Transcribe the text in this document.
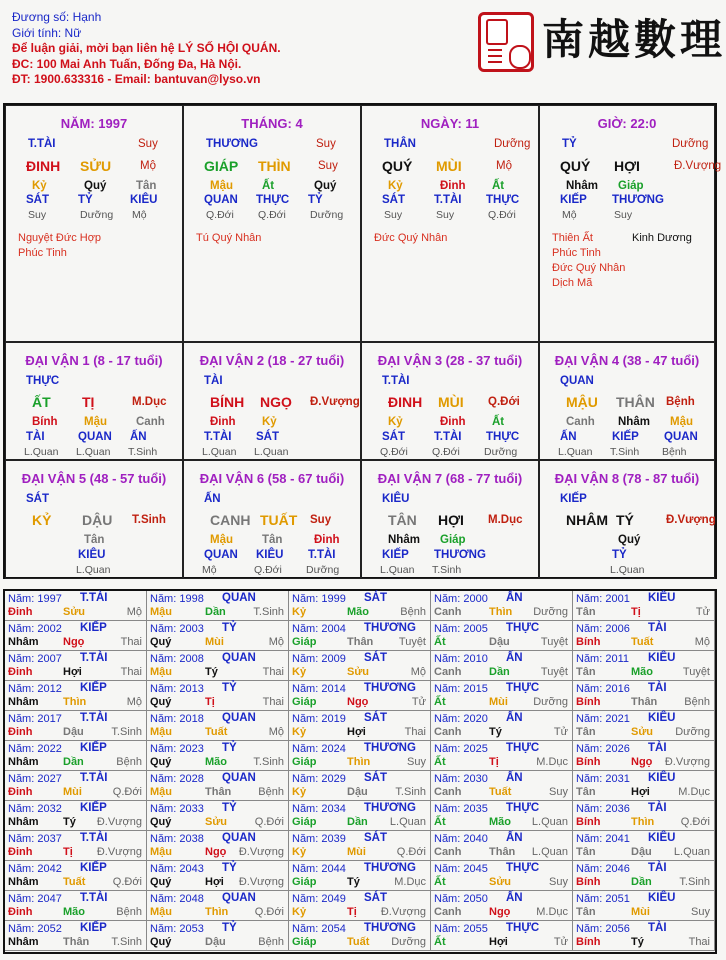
Đương số: Hạnh
Giới tính: Nữ
Để luận giải, mời bạn liên hệ LÝ SỐ HỘI QUÁN.
ĐC: 100 Mai Anh Tuấn, Đống Đa, Hà Nội.
ĐT: 1900.633316 - Email: bantuvan@lyso.vn
南越數理
NĂM: 1997
T.TÀI	Suy
ĐINH SỬU	Mộ
Kỷ	Quý	Tân
SÁT	TỶ	KIÊU
Suy	Dưỡng Mộ
Nguyệt Đức Hợp
Phúc Tinh
THÁNG: 4
THƯƠNG	Suy
GIÁP THÌN Suy
Mậu	Ất	Quý
QUAN THỰC TỶ
Q.Đới Q.Đới Dưỡng
Tú Quý Nhân
NGÀY: 11
THÂN	Dưỡng
QUÝ MÙI	Mộ
Kỷ	Đinh Ất
SÁT	T.TÀI THỰC
Suy	Suy	Q.Đới
Đức Quý Nhân
GIỜ: 22:0
TỶ	Dưỡng
QUÝ HỢI	Đ.Vượng
Nhâm Giáp
KIẾP THƯƠNG
Mộ	Suy
Thiên Ất	Kinh Dương
Phúc Tinh
Đức Quý Nhân
Dịch Mã
ĐẠI VẬN 1 (8 - 17 tuổi)
THỰC
ẤT TỊ	M.Dục
Bính Mậu	Canh
TÀI	QUAN ẤN
L.Quan L.Quan T.Sinh
ĐẠI VẬN 2 (18 - 27 tuổi)
TÀI
BÍNH NGỌ Đ.Vượng
Đinh Kỷ
T.TÀI SÁT
L.Quan L.Quan
ĐẠI VẬN 3 (28 - 37 tuổi)
T.TÀI
ĐINH MÙI Q.Đới
Kỷ	Đinh Ất
SÁT	T.TÀI THỰC
Q.Đới Q.Đới Dưỡng
ĐẠI VẬN 4 (38 - 47 tuổi)
QUAN
MẬU THÂN Bệnh
Canh Nhâm Mậu
ẤN	KIẾP QUAN
L.Quan T.Sinh Bệnh
ĐẠI VẬN 5 (48 - 57 tuổi)
SÁT
KỶ DẬU T.Sinh
Tân
KIÊU
L.Quan
ĐẠI VẬN 6 (58 - 67 tuổi)
ẤN
CANH TUẤT Suy
Mậu	Tân	Đinh
QUAN KIÊU T.TÀI
Mộ	Q.Đới Dưỡng
ĐẠI VẬN 7 (68 - 77 tuổi)
KIÊU
TÂN HỢI M.Dục
Nhâm Giáp
KIẾP THƯƠNG
L.Quan T.Sinh
ĐẠI VẬN 8 (78 - 87 tuổi)
KIẾP
NHÂM TÝ	Đ.Vượng
Quý
TỶ
L.Quan
Năm: 1997 T.TÀI
Đinh	Sửu	Mộ
Năm: 1998 QUAN
Mậu	Dần	T.Sinh
Năm: 1999 SÁT
Kỷ	Mão	Bệnh
Năm: 2000 ẤN
Canh	Thìn Dưỡng
Năm: 2001 KIÊU
Tân	Tị	Tử
Năm: 2002 KIẾP
Nhâm Ngọ	Thai
Năm: 2003 TỶ
Quý	Mùi	Mộ
Năm: 2004 THƯƠNG
Giáp	Thân Tuyệt
Năm: 2005 THỰC
Ất	Dậu	Tuyệt
Năm: 2006 TÀI
Bính	Tuất	Mộ
Năm: 2007 T.TÀI
Đinh	Hợi	Thai
Năm: 2008 QUAN
Mậu	Tý	Thai
Năm: 2009 SÁT
Kỷ	Sửu	Mộ
Năm: 2010 ẤN
Canh	Dần	Tuyệt
Năm: 2011 KIÊU
Tân	Mão	Tuyệt
Năm: 2012 KIẾP
Nhâm Thìn	Mộ
Năm: 2013 TỶ
Quý	Tị	Thai
Năm: 2014 THƯƠNG
Giáp	Ngọ	Tử
Năm: 2015 THỰC
Ất	Mùi Dưỡng
Năm: 2016 TÀI
Bính	Thân Bệnh
Năm: 2017 T.TÀI
Đinh	Dậu	T.Sinh
Năm: 2018 QUAN
Mậu	Tuất	Mộ
Năm: 2019 SÁT
Kỷ	Hợi	Thai
Năm: 2020 ẤN
Canh	Tý	Tử
Năm: 2021 KIÊU
Tân	Sửu Dưỡng
Năm: 2022 KIẾP
Nhâm Dần	Bệnh
Năm: 2023 TỶ
Quý	Mão T.Sinh
Năm: 2024 THƯƠNG
Giáp	Thìn	Suy
Năm: 2025 THỰC
Ất	Tị	M.Dục
Năm: 2026 TÀI
Bính	Ngọ Đ.Vượng
Năm: 2027 T.TÀI
Đinh	Mùi	Q.Đới
Năm: 2028 QUAN
Mậu	Thân Bệnh
Năm: 2029 SÁT
Kỷ	Dậu	T.Sinh
Năm: 2030 ẤN
Canh	Tuất	Suy
Năm: 2031 KIÊU
Tân	Hợi	M.Dục
Năm: 2032 KIẾP
Nhâm Tý Đ.Vượng
Năm: 2033 TỶ
Quý	Sửu	Q.Đới
Năm: 2034 THƯƠNG
Giáp	Dần L.Quan
Năm: 2035 THỰC
Ất	Mão L.Quan
Năm: 2036 TÀI
Bính	Thìn Q.Đới
Năm: 2037 T.TÀI
Đinh	Tị Đ.Vượng
Năm: 2038 QUAN
Mậu	Ngọ Đ.Vượng
Năm: 2039 SÁT
Kỷ	Mùi	Q.Đới
Năm: 2040 ẤN
Canh	Thân L.Quan
Năm: 2041 KIÊU
Tân	Dậu L.Quan
Năm: 2042 KIẾP
Nhâm Tuất Q.Đới
Năm: 2043 TỶ
Quý	Hợi Đ.Vượng
Năm: 2044 THƯƠNG
Giáp	Tý	M.Dục
Năm: 2045 THỰC
Ất	Sửu	Suy
Năm: 2046 TÀI
Bính	Dần	T.Sinh
Năm: 2047 T.TÀI
Đinh	Mão	Bệnh
Năm: 2048 QUAN
Mậu	Thìn Q.Đới
Năm: 2049 SÁT
Kỷ	Tị Đ.Vượng
Năm: 2050 ẤN
Canh	Ngọ M.Dục
Năm: 2051 KIÊU
Tân	Mùi	Suy
Năm: 2052 KIẾP
Nhâm Thân T.Sinh
Năm: 2053 TỶ
Quý	Dậu	Bệnh
Năm: 2054 THƯƠNG
Giáp	Tuất Dưỡng
Năm: 2055 THỰC
Ất	Hợi	Tử
Năm: 2056 TÀI
Bính	Tý	Thai
